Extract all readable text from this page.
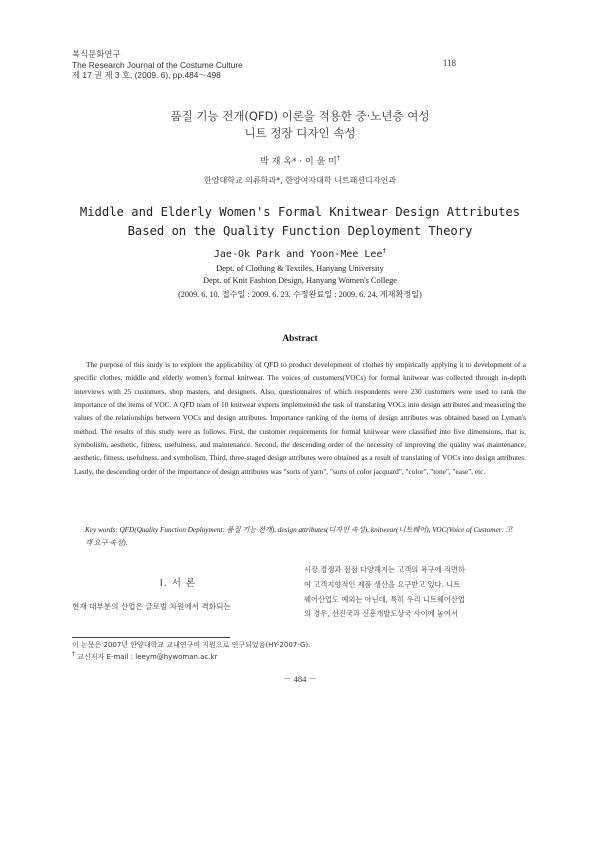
복식문화연구
The Research Journal of the Costume Culture
제 17 권 제 3 호, (2009. 6), pp.484～498
118
품질 기능 전개(QFD) 이론을 적용한 중·노년층 여성
니트 정장 디자인 속성
박 재 옥* · 이 윤 미†
한양대학교 의류학과*, 한양여자대학 니트패션디자인과
Middle and Elderly Women's Formal Knitwear Design Attributes
Based on the Quality Function Deployment Theory
Jae-Ok Park and Yoon-Mee Lee†
Dept. of Clothing & Textiles, Hanyang University
Dept. of Knit Fashion Design, Hanyang Women's College
(2009. 6. 10. 접수일 : 2009. 6. 23. 수정완료일 : 2009. 6. 24. 게재확정일)
Abstract
The purpose of this study is to explore the applicability of QFD to product development of clothes by empirically applying it to development of a specific clothes, middle and elderly women's formal knitwear. The voices of customers(VOCs) for formal knitwear was collected through in-depth interviews with 25 customers, shop masters, and designers. Also, questionnaires of which respondents were 230 customers were used to rank the importance of the items of VOC. A QFD team of 10 knitwear experts implemented the task of translating VOCs into design attributes and measuring the values of the relationships between VOCs and design attributes. Importance ranking of the items of design attributes was obtained based on Lyman's method. The results of this study were as follows. First, the customer requirements for formal knitwear were classified into five dimensions, that is, symbolism, aesthetic, fitness, usefulness, and maintenance. Second, the descending order of the necessity of improving the quality was maintenance, aesthetic, fitness, usefulness, and symbolism. Third, three-staged design attributes were obtained as a result of translating of VOCs into design attributes. Lastly, the descending order of the importance of design attributes was "sorts of yarn", "sorts of color jacquard", "color", "tone", "ease", etc.
Key words: QFD(Quality Function Deployment: 품질 기능 전개), design attributes(디자인 속성), knitwear(니트웨어), VOC(Voice of Customer: 고객 요구 속성).
Ⅰ. 서 론
현재 대부분의 산업은 글로벌 차원에서 격화되는
시장 경쟁과 점점 다양해지는 고객의 욕구에 직면하
여 고객지향적인 제품 생산을 요구받고 있다. 니트
웨어산업도 예외는 아닌데, 특히 우리 니트웨어산업
의 경우, 선진국과 신흥개발도상국 사이에 놓여서
이 논문은 2007년 한양대학교 교내연구비 지원으로 연구되었음(HY-2007-G).
† 교신저자 E-mail : leeym@hywoman.ac.kr
－ 484 －
